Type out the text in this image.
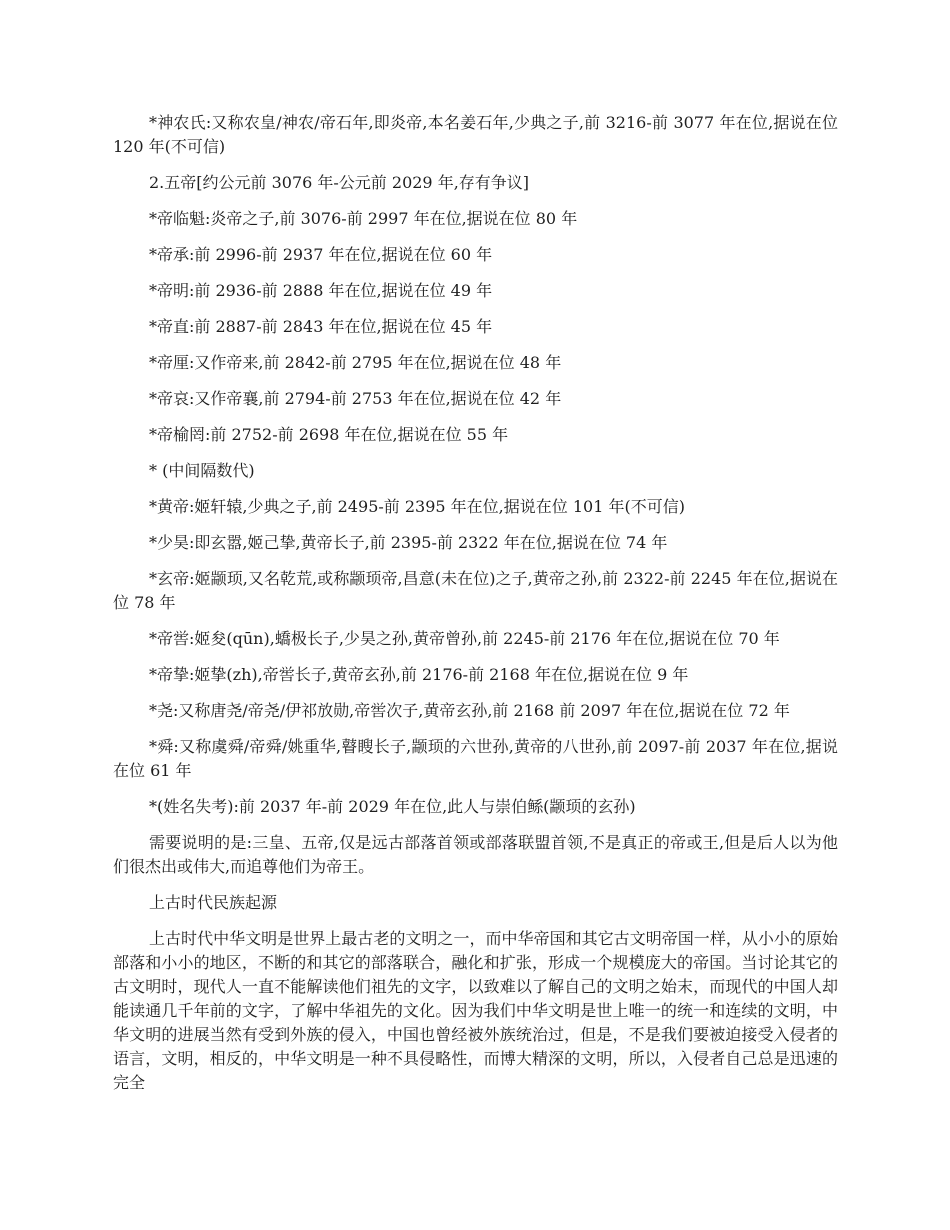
*神农氏:又称农皇/神农/帝石年,即炎帝,本名姜石年,少典之子,前 3216-前 3077 年在位,据说在位 120 年(不可信)

2.五帝[约公元前 3076 年-公元前 2029 年,存有争议]

*帝临魁:炎帝之子,前 3076-前 2997 年在位,据说在位 80 年

*帝承:前 2996-前 2937 年在位,据说在位 60 年

*帝明:前 2936-前 2888 年在位,据说在位 49 年

*帝直:前 2887-前 2843 年在位,据说在位 45 年

*帝厘:又作帝来,前 2842-前 2795 年在位,据说在位 48 年

*帝哀:又作帝襄,前 2794-前 2753 年在位,据说在位 42 年

*帝榆罔:前 2752-前 2698 年在位,据说在位 55 年

* (中间隔数代)

*黄帝:姬轩辕,少典之子,前 2495-前 2395 年在位,据说在位 101 年(不可信)

*少昊:即玄嚣,姬己挚,黄帝长子,前 2395-前 2322 年在位,据说在位 74 年

*玄帝:姬颛顼,又名乾荒,或称颛顼帝,昌意(未在位)之子,黄帝之孙,前 2322-前 2245 年在位,据说在位 78 年

*帝喾:姬夋(qūn),蟜极长子,少昊之孙,黄帝曾孙,前 2245-前 2176 年在位,据说在位 70 年

*帝挚:姬挚(zh),帝喾长子,黄帝玄孙,前 2176-前 2168 年在位,据说在位 9 年

*尧:又称唐尧/帝尧/伊祁放勋,帝喾次子,黄帝玄孙,前 2168 前 2097 年在位,据说在位 72 年

*舜:又称虞舜/帝舜/姚重华,瞽瞍长子,颛顼的六世孙,黄帝的八世孙,前 2097-前 2037 年在位,据说在位 61 年

*(姓名失考):前 2037 年-前 2029 年在位,此人与崇伯鲧(颛顼的玄孙)

需要说明的是:三皇、五帝,仅是远古部落首领或部落联盟首领,不是真正的帝或王,但是后人以为他们很杰出或伟大,而追尊他们为帝王。

上古时代民族起源

上古时代中华文明是世界上最古老的文明之一，而中华帝国和其它古文明帝国一样，从小小的原始部落和小小的地区，不断的和其它的部落联合，融化和扩张，形成一个规模庞大的帝国。当讨论其它的古文明时，现代人一直不能解读他们祖先的文字，以致难以了解自己的文明之始末，而现代的中国人却能读通几千年前的文字，了解中华祖先的文化。因为我们中华文明是世上唯一的统一和连续的文明，中华文明的进展当然有受到外族的侵入，中国也曾经被外族统治过，但是，不是我们要被迫接受入侵者的语言，文明，相反的，中华文明是一种不具侵略性，而博大精深的文明，所以，入侵者自己总是迅速的完全
